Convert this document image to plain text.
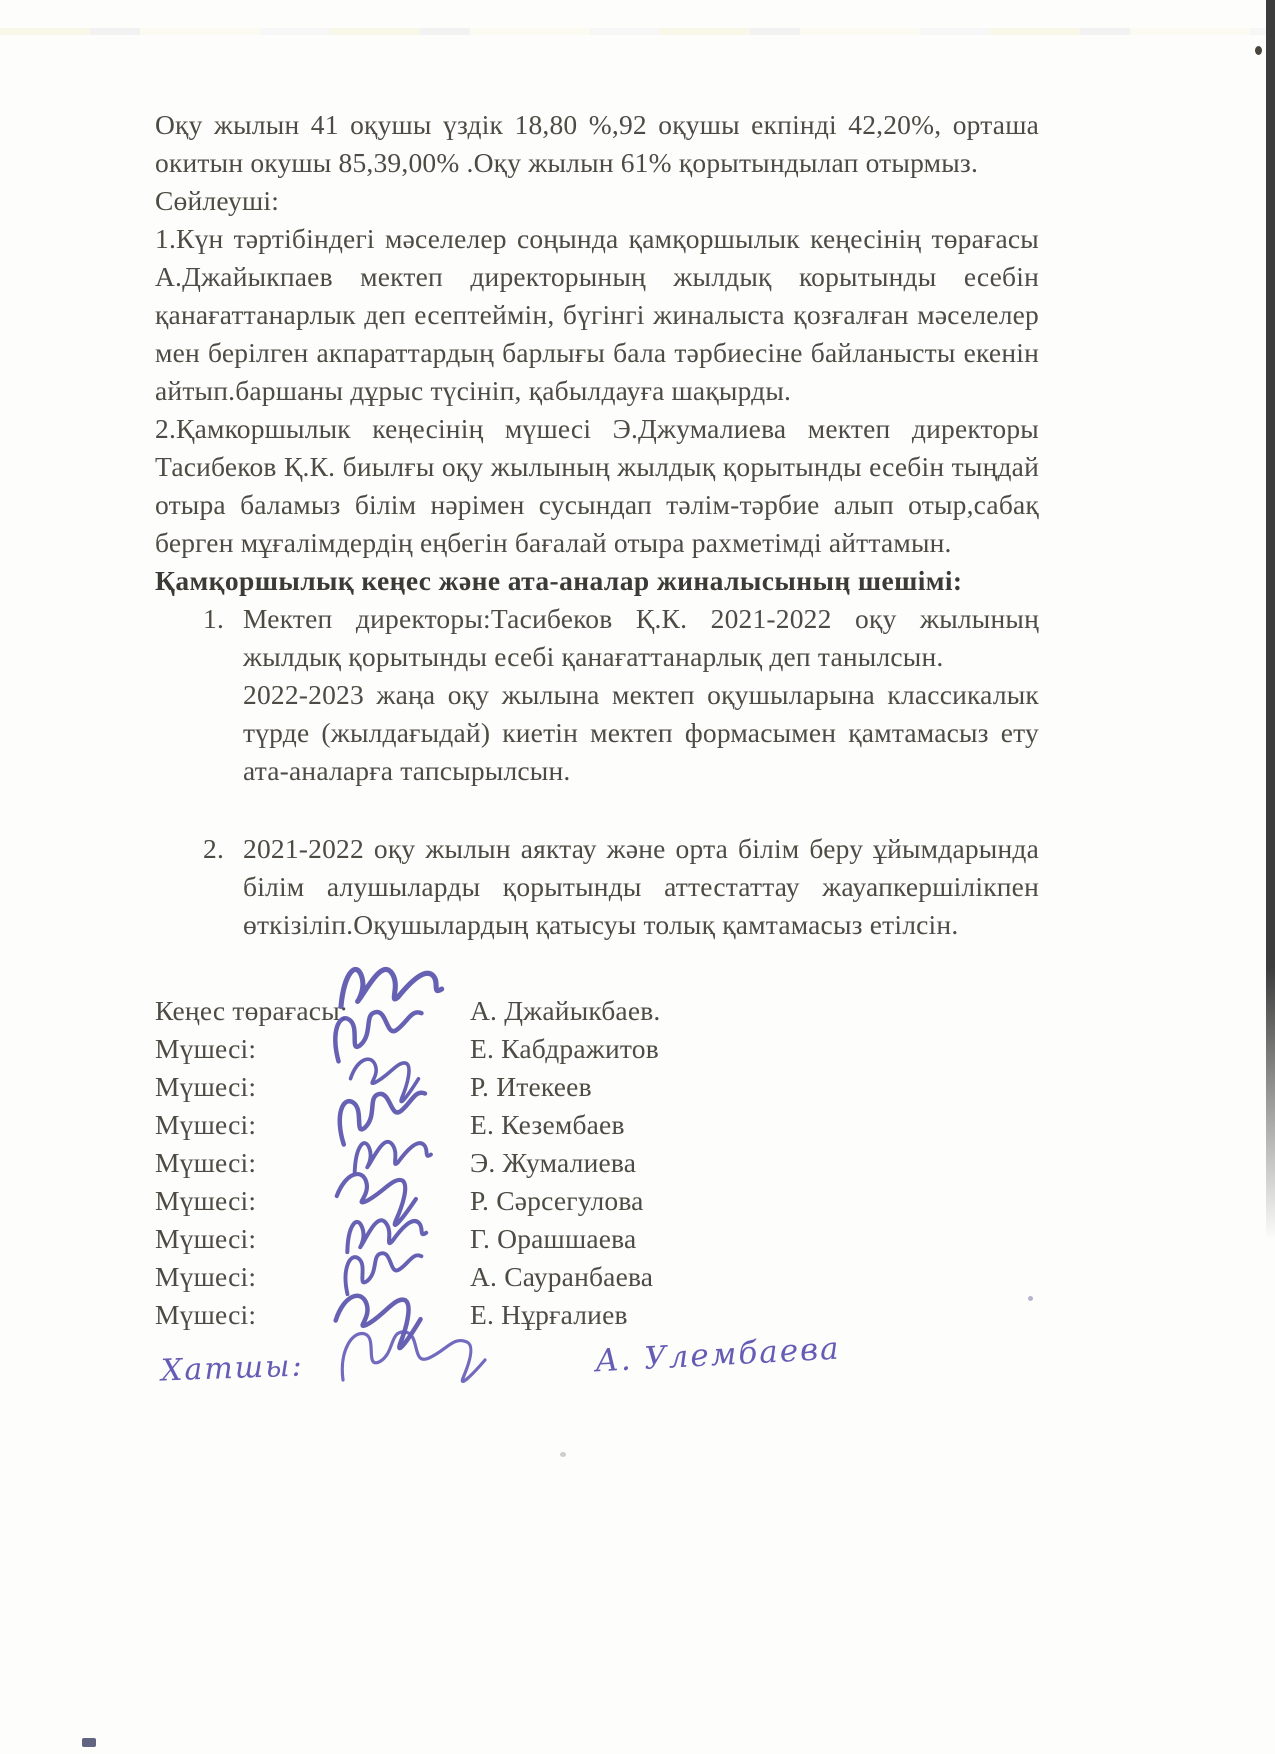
Оқу жылын 41 оқушы үздік 18,80 %,92 оқушы екпінді 42,20%, орташа окитын окушы 85,39,00% .Оқу жылын 61% қорытындылап отырмыз.

Сөйлеуші:

1.Күн тәртібіндегі мәселелер соңында қамқоршылык кеңесінің төрағасы А.Джайыкпаев мектеп директорының жылдық корытынды есебін қанағаттанарлык деп есептеймін, бүгінгі жиналыста қозғалған мәселелер мен берілген акпараттардың барлығы бала тәрбиесіне байланысты екенін айтып.баршаны дұрыс түсініп, қабылдауға шақырды.

2.Қамкоршылык кеңесінің мүшесі Э.Джумалиева мектеп директоры Тасибеков Қ.К. биылғы оқу жылының жылдық қорытынды есебін тыңдай отыра баламыз білім нәрімен сусындап тәлім-тәрбие алып отыр,сабақ берген мұғалімдердің еңбегін бағалай отыра рахметімді айттамын.

Қамқоршылық кеңес және ата-аналар жиналысының шешімі:

1. Мектеп директоры:Тасибеков Қ.К. 2021-2022 оқу жылының жылдық қорытынды есебі қанағаттанарлық деп танылсын.

2022-2023 жаңа оқу жылына мектеп оқушыларына классикалык түрде (жылдағыдай) киетін мектеп формасымен қамтамасыз ету ата-аналарға тапсырылсын.

2. 2021-2022 оқу жылын аяктау және орта білім беру ұйымдарында білім алушыларды қорытынды аттестаттау жауапкершілікпен өткізіліп.Оқушылардың қатысуы толық қамтамасыз етілсін.

Кеңес төрағасы:	А. Джайыкбаев.
Мүшесі:	Е. Кабдражитов
Мүшесі:	Р. Итекеев
Мүшесі:	Е. Кезембаев
Мүшесі:	Э. Жумалиева
Мүшесі:	Р. Сәрсегулова
Мүшесі:	Г. Орашшаева
Мүшесі:	А. Сауранбаева
Мүшесі:	Е. Нұрғалиев
Хатшы:	А. Улембаева
